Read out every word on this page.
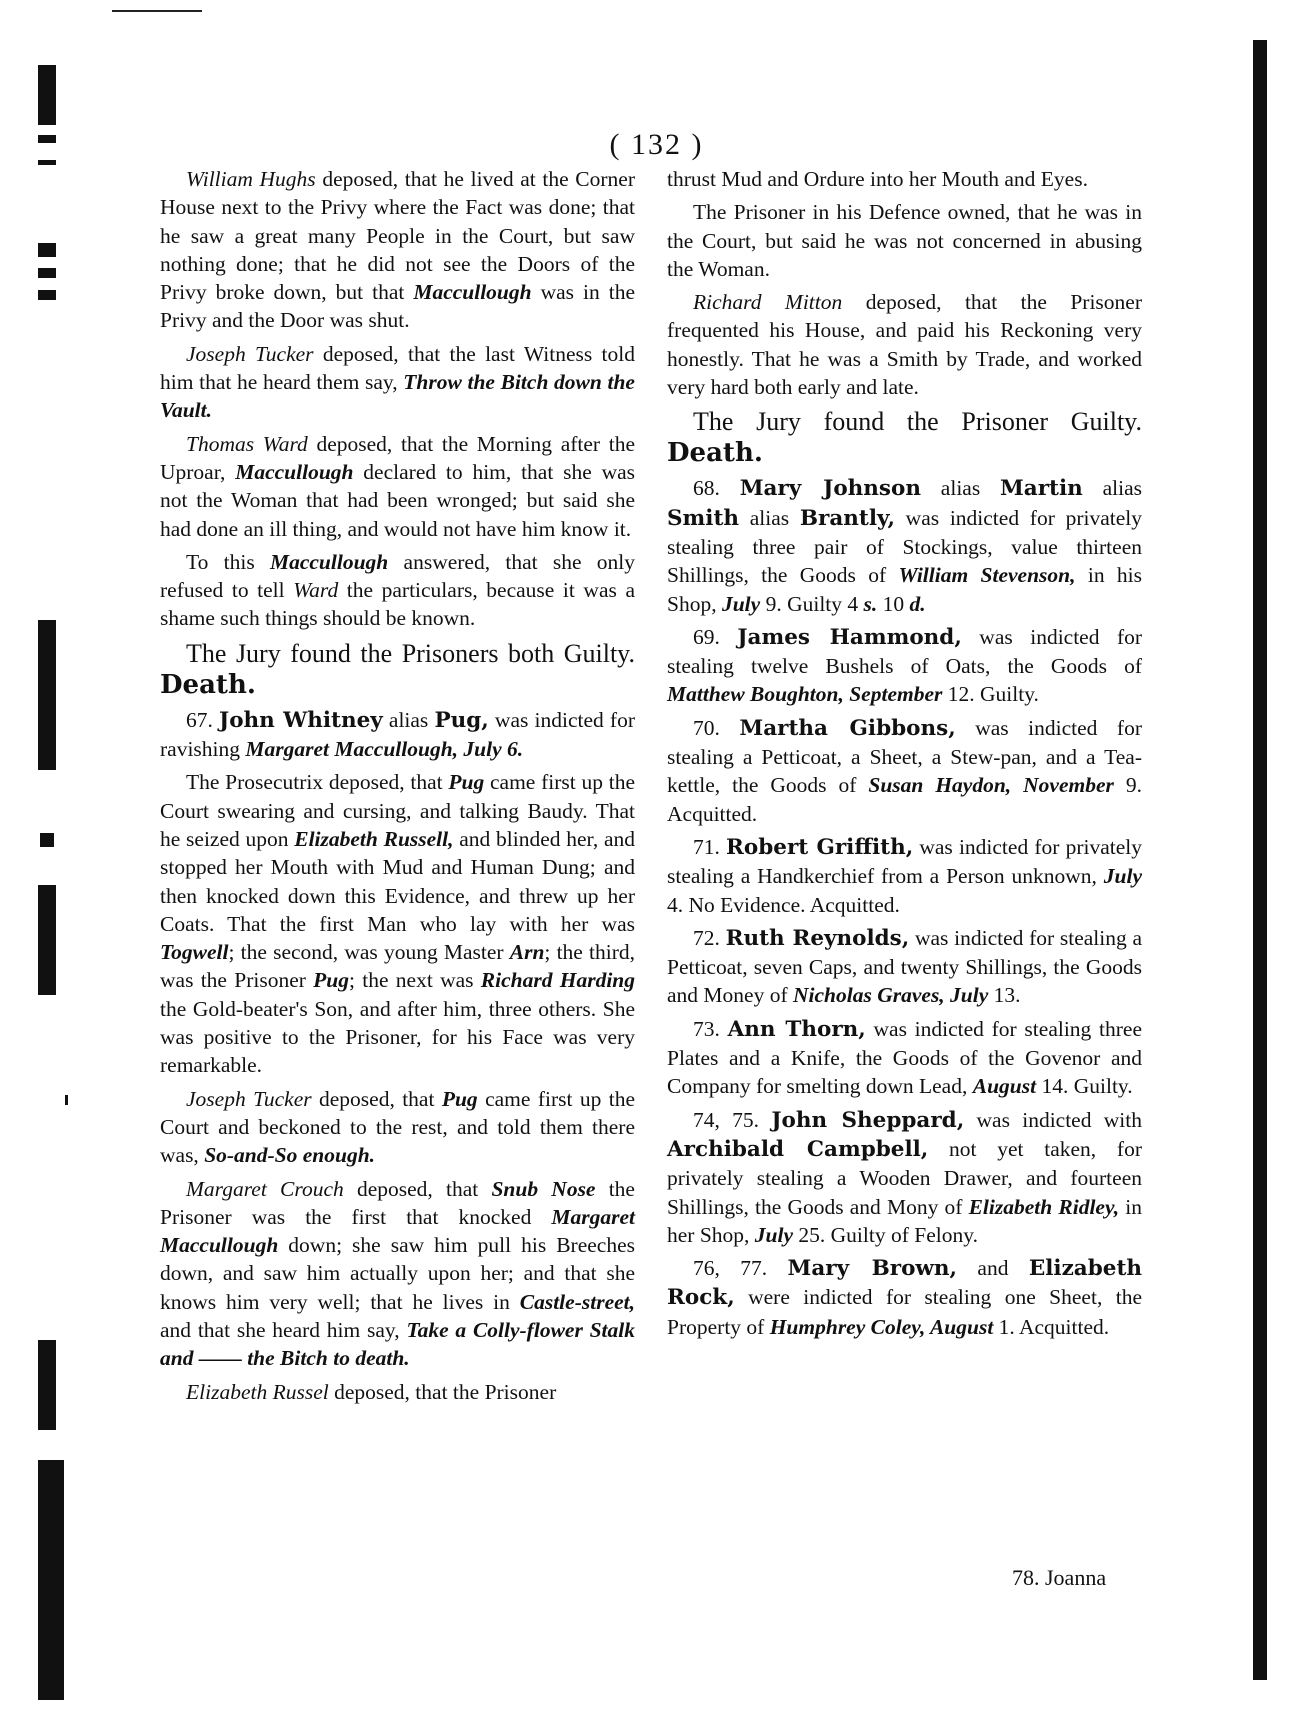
( 132 )

William Hughs deposed, that he lived at the Corner House next to the Privy where the Fact was done; that he saw a great many People in the Court, but saw nothing done; that he did not see the Doors of the Privy broke down, but that Maccullough was in the Privy and the Door was shut.

Joseph Tucker deposed, that the last Witness told him that he heard them say, Throw the Bitch down the Vault.

Thomas Ward deposed, that the Morning after the Uproar, Maccullough declared to him, that she was not the Woman that had been wronged; but said she had done an ill thing, and would not have him know it.

To this Maccullough answered, that she only refused to tell Ward the particulars, because it was a shame such things should be known.

The Jury found the Prisoners both Guilty. Death.

67. John Whitney alias Pug, was indicted for ravishing Margaret Maccullough, July 6.

The Prosecutrix deposed, that Pug came first up the Court swearing and cursing, and talking Baudy. That he seized upon Elizabeth Russell, and blinded her, and stopped her Mouth with Mud and Human Dung; and then knocked down this Evidence, and threw up her Coats. That the first Man who lay with her was Togwell; the second, was young Master Arn; the third, was the Prisoner Pug; the next was Richard Harding the Gold-beater's Son, and after him, three others. She was positive to the Prisoner, for his Face was very remarkable.

Joseph Tucker deposed, that Pug came first up the Court and beckoned to the rest, and told them there was, So-and-So enough.

Margaret Crouch deposed, that Snub Nose the Prisoner was the first that knocked Margaret Maccullough down; she saw him pull his Breeches down, and saw him actually upon her; and that she knows him very well; that he lives in Castle-street, and that she heard him say, Take a Colly-flower Stalk and —— the Bitch to death.

Elizabeth Russel deposed, that the Prisoner

thrust Mud and Ordure into her Mouth and Eyes.

The Prisoner in his Defence owned, that he was in the Court, but said he was not concerned in abusing the Woman.

Richard Mitton deposed, that the Prisoner frequented his House, and paid his Reckoning very honestly. That he was a Smith by Trade, and worked very hard both early and late.

The Jury found the Prisoner Guilty. Death.

68. Mary Johnson alias Martin alias Smith alias Brantly, was indicted for privately stealing three pair of Stockings, value thirteen Shillings, the Goods of William Stevenson, in his Shop, July 9. Guilty 4 s. 10 d.

69. James Hammond, was indicted for stealing twelve Bushels of Oats, the Goods of Matthew Boughton, September 12. Guilty.

70. Martha Gibbons, was indicted for stealing a Petticoat, a Sheet, a Stew-pan, and a Tea-kettle, the Goods of Susan Haydon, November 9. Acquitted.

71. Robert Griffith, was indicted for privately stealing a Handkerchief from a Person unknown, July 4. No Evidence. Acquitted.

72. Ruth Reynolds, was indicted for stealing a Petticoat, seven Caps, and twenty Shillings, the Goods and Money of Nicholas Graves, July 13.

73. Ann Thorn, was indicted for stealing three Plates and a Knife, the Goods of the Govenor and Company for smelting down Lead, August 14. Guilty.

74, 75. John Sheppard, was indicted with Archibald Campbell, not yet taken, for privately stealing a Wooden Drawer, and fourteen Shillings, the Goods and Mony of Elizabeth Ridley, in her Shop, July 25. Guilty of Felony.

76, 77. Mary Brown, and Elizabeth Rock, were indicted for stealing one Sheet, the Property of Humphrey Coley, August 1. Acquitted.

78. Joanna
